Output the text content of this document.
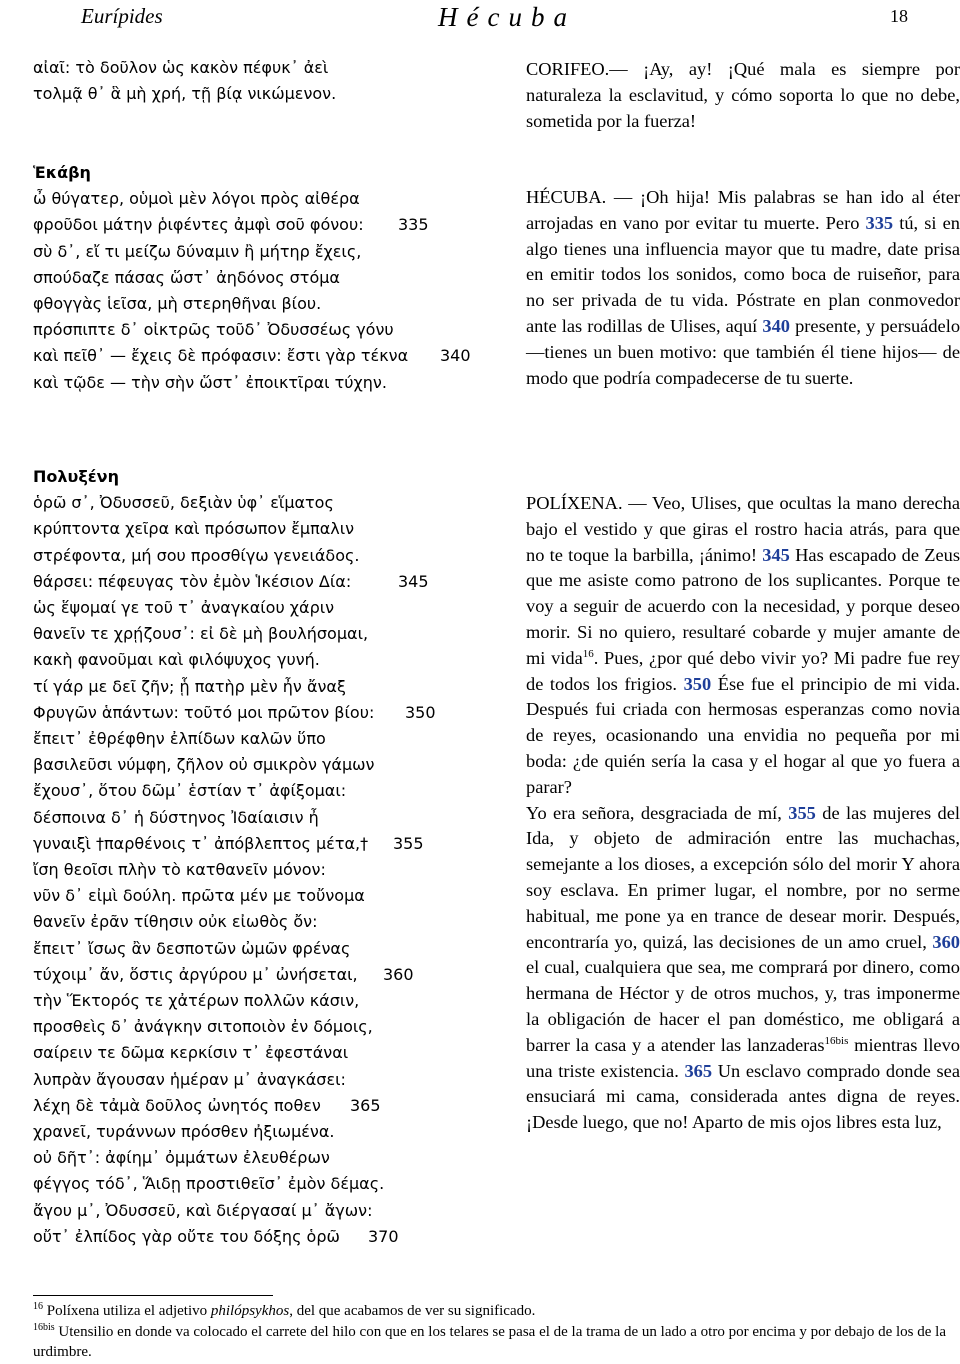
Eurípides	Hécuba	18
αἰαῖ: τὸ δοῦλον ὡς κακὸν πέφυκ᾽ ἀεὶ
τολμᾷ θ᾽ ἃ μὴ χρή, τῇ βίᾳ νικώμενον.
Ἑκάβη
ὦ θύγατερ, οὑμοὶ μὲν λόγοι πρὸς αἰθέρα
φροῦδοι μάτην ῥιφέντες ἀμφὶ σοῦ φόνου: 335
σὺ δ᾽, εἴ τι μείζω δύναμιν ἢ μήτηρ ἔχεις,
σπούδαζε πάσας ὥστ᾽ ἀηδόνος στόμα
φθογγὰς ἱεῖσα, μὴ στερηθῆναι βίου.
πρόσπιπτε δ᾽ οἰκτρῶς τοῦδ᾽ Ὀδυσσέως γόνυ
καὶ πεῖθ᾽ — ἔχεις δὲ πρόφασιν: ἔστι γὰρ τέκνα 340
καὶ τῷδε — τὴν σὴν ὥστ᾽ ἐποικτῖραι τύχην.
Πολυξένη
ὁρῶ σ᾽, Ὀδυσσεῦ, δεξιὰν ὑφ᾽ εἵματος
κρύπτοντα χεῖρα καὶ πρόσωπον ἔμπαλιν
στρέφοντα, μή σου προσθίγω γενειάδος.
θάρσει: πέφευγας τὸν ἐμὸν Ἱκέσιον Δία:	345
ὡς ἕψομαί γε τοῦ τ᾽ ἀναγκαίου χάριν
θανεῖν τε χρῄζουσ᾽: εἰ δὲ μὴ βουλήσομαι,
κακὴ φανοῦμαι καὶ φιλόψυχος γυνή.
τί γάρ με δεῖ ζῆν; ᾗ πατὴρ μὲν ἦν ἄναξ
Φρυγῶν ἁπάντων: τοῦτό μοι πρῶτον βίου: 350
ἔπειτ᾽ ἐθρέφθην ἐλπίδων καλῶν ὕπο
βασιλεῦσι νύμφη, ζῆλον οὐ σμικρὸν γάμων
ἔχουσ᾽, ὅτου δῶμ᾽ ἑστίαν τ᾽ ἀφίξομαι:
δέσποινα δ᾽ ἡ δύστηνος Ἰδαίαισιν ἦ
γυναιξὶ †παρθένοις τ᾽ ἀπόβλεπτος μέτα,† 355
ἴση θεοῖσι πλὴν τὸ κατθανεῖν μόνον:
νῦν δ᾽ εἰμὶ δούλη. πρῶτα μέν με τοὔνομα
θανεῖν ἐρᾶν τίθησιν οὐκ εἰωθὸς ὄν:
ἔπειτ᾽ ἴσως ἂν δεσποτῶν ὠμῶν φρένας
τύχοιμ᾽ ἄν, ὅστις ἀργύρου μ᾽ ὠνήσεται, 360
τὴν Ἕκτορός τε χἀτέρων πολλῶν κάσιν,
προσθεὶς δ᾽ ἀνάγκην σιτοποιὸν ἐν δόμοις,
σαίρειν τε δῶμα κερκίσιν τ᾽ ἐφεστάναι
λυπρὰν ἄγουσαν ἡμέραν μ᾽ ἀναγκάσει:
λέχη δὲ τἀμὰ δοῦλος ὠνητός ποθεν 365
χρανεῖ, τυράννων πρόσθεν ἠξιωμένα.
οὐ δῆτ᾽: ἀφίημ᾽ ὀμμάτων ἐλευθέρων
φέγγος τόδ᾽, Ἅιδῃ προστιθεῖσ᾽ ἐμὸν δέμας.
ἄγου μ᾽, Ὀδυσσεῦ, καὶ διέργασαί μ᾽ ἄγων:
οὔτ᾽ ἐλπίδος γὰρ οὔτε του δόξης ὁρῶ 370

CORIFEO.— ¡Ay, ay! ¡Qué mala es siempre por naturaleza la esclavitud, y cómo soporta lo que no debe, sometida por la fuerza!

HÉCUBA. — ¡Oh hija! Mis palabras se han ido al éter arrojadas en vano por evitar tu muerte. Pero 335 tú, si en algo tienes una influencia mayor que tu madre, date prisa en emitir todos los sonidos, como boca de ruiseñor, para no ser privada de tu vida. Póstrate en plan conmovedor ante las rodillas de Ulises, aquí 340 presente, y persuádelo —tienes un buen motivo: que también él tiene hijos— de modo que podría compadecerse de tu suerte.

POLÍXENA. — Veo, Ulises, que ocultas la mano derecha bajo el vestido y que giras el rostro hacia atrás, para que no te toque la barbilla, ¡ánimo! 345 Has escapado de Zeus que me asiste como patrono de los suplicantes. Porque te voy a seguir de acuerdo con la necesidad, y porque deseo morir. Si no quiero, resultaré cobarde y mujer amante de mi vida$^{16}$. Pues, ¿por qué debo vivir yo? Mi padre fue rey de todos los frigios. 350 Ése fue el principio de mi vida. Después fui criada con hermosas esperanzas como novia de reyes, ocasionando una envidia no pequeña por mi boda: ¿de quién sería la casa y el hogar al que yo fuera a parar?

Yo era señora, desgraciada de mí, 355 de las mujeres del Ida, y objeto de admiración entre las muchachas, semejante a los dioses, a excepción sólo del morir Y ahora soy esclava. En primer lugar, el nombre, por no serme habitual, me pone ya en trance de desear morir. Después, encontraría yo, quizá, las decisiones de un amo cruel, 360 el cual, cualquiera que sea, me comprará por dinero, como hermana de Héctor y de otros muchos, y, tras imponerme la obligación de hacer el pan doméstico, me obligará a barrer la casa y a atender las lanzaderas$^{16bis}$ mientras llevo una triste existencia. 365 Un esclavo comprado donde sea ensuciará mi cama, considerada antes digna de reyes. ¡Desde luego, que no! Aparto de mis ojos libres esta luz,

$^{16}$ Políxena utiliza el adjetivo philópsykhos, del que acabamos de ver su significado.
$^{16bis}$ Utensilio en donde va colocado el carrete del hilo con que en los telares se pasa el de la trama de un lado a otro por encima y por debajo de los de la urdimbre.
